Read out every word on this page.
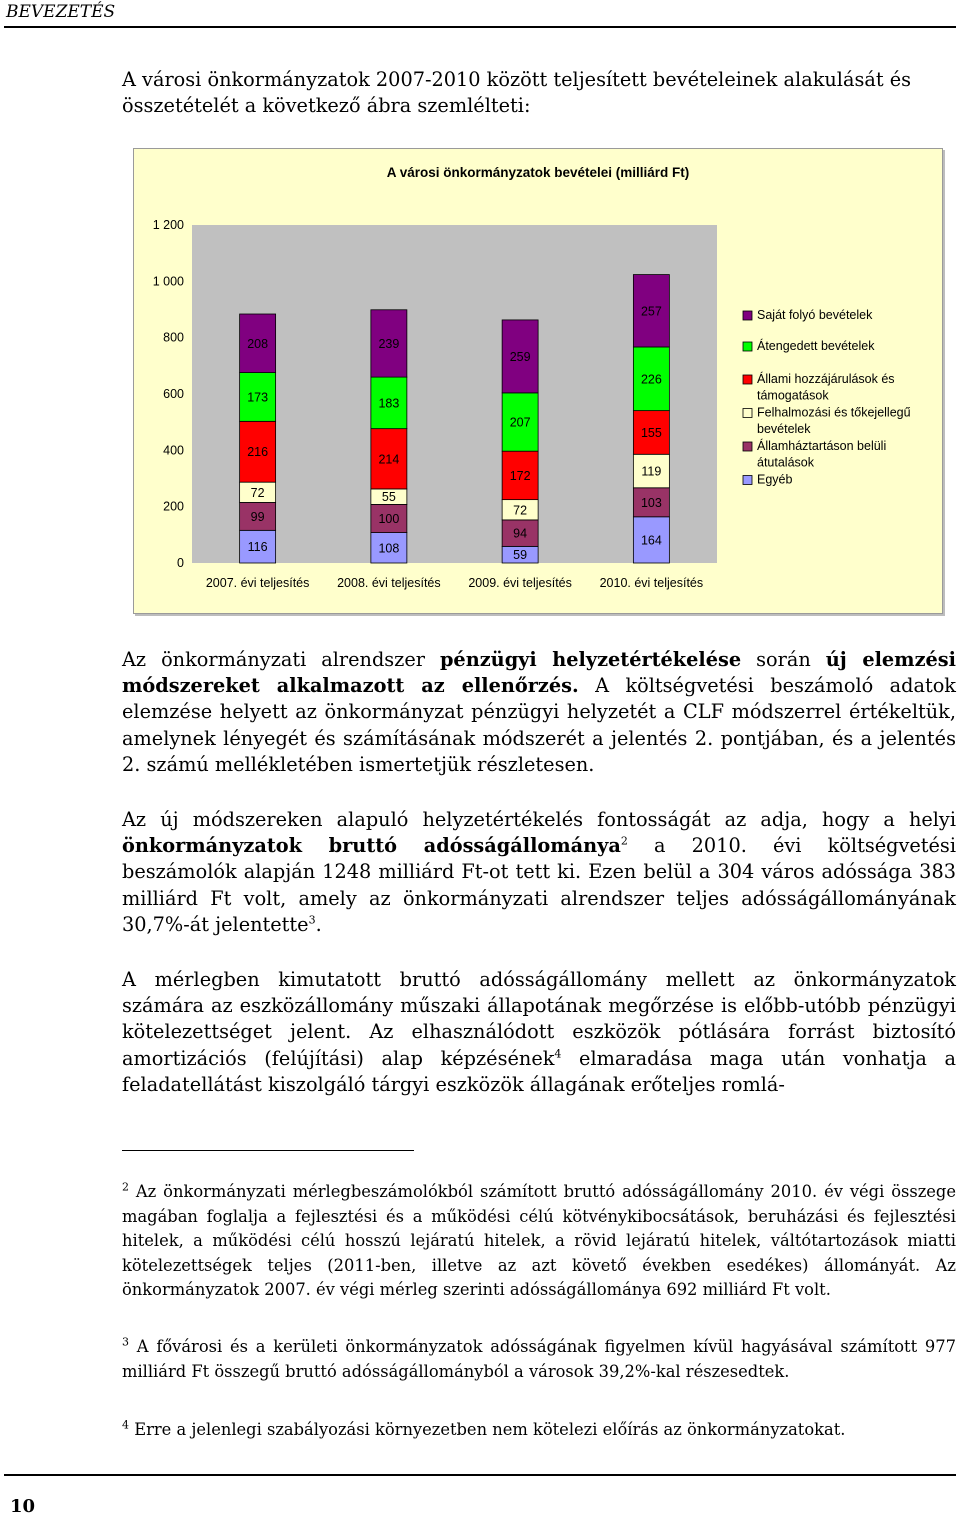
BEVEZETÉS

A városi önkormányzatok 2007-2010 között teljesített bevételeinek alakulását és összetételét a következő ábra szemlélteti:

A városi önkormányzatok bevételei (milliárd Ft)
0
200
400
600
800
1 000
1 200
116
99
72
216
173
208
2007. évi teljesítés
108
100
55
214
183
239
2008. évi teljesítés
59
94
72
172
207
259
2009. évi teljesítés
164
103
119
155
226
257
2010. évi teljesítés
Saját folyó bevételek
Átengedett bevételek
Állami hozzájárulások és
támogatások
Felhalmozási és tőkejellegű
bevételek
Államháztartáson belüli
átutalások
Egyéb

Az önkormányzati alrendszer pénzügyi helyzetértékelése során új elemzési módszereket alkalmazott az ellenőrzés. A költségvetési beszámoló adatok elemzése helyett az önkormányzat pénzügyi helyzetét a CLF módszerrel értékeltük, amelynek lényegét és számításának módszerét a jelentés 2. pontjában, és a jelentés 2. számú mellékletében ismertetjük részletesen.

Az új módszereken alapuló helyzetértékelés fontosságát az adja, hogy a helyi önkormányzatok bruttó adósságállománya$^2$ a 2010. évi költségvetési beszámolók alapján 1248 milliárd Ft-ot tett ki. Ezen belül a 304 város adóssága 383 milliárd Ft volt, amely az önkormányzati alrendszer teljes adósságállományának 30,7%-át jelentette$^3$.

A mérlegben kimutatott bruttó adósságállomány mellett az önkormányzatok számára az eszközállomány műszaki állapotának megőrzése is előbb-utóbb pénzügyi kötelezettséget jelent. Az elhasználódott eszközök pótlására forrást biztosító amortizációs (felújítási) alap képzésének$^4$ elmaradása maga után vonhatja a feladatellátást kiszolgáló tárgyi eszközök állagának erőteljes romlá-

$^2$ Az önkormányzati mérlegbeszámolókból számított bruttó adósságállomány 2010. év végi összege magában foglalja a fejlesztési és a működési célú kötvénykibocsátások, beruházási és fejlesztési hitelek, a működési célú hosszú lejáratú hitelek, a rövid lejáratú hitelek, váltótartozások miatti kötelezettségek teljes (2011-ben, illetve az azt követő években esedékes) állományát. Az önkormányzatok 2007. év végi mérleg szerinti adósságállománya 692 milliárd Ft volt.

$^3$ A fővárosi és a kerületi önkormányzatok adósságának figyelmen kívül hagyásával számított 977 milliárd Ft összegű bruttó adósságállományból a városok 39,2%-kal részesedtek.

$^4$ Erre a jelenlegi szabályozási környezetben nem kötelezi előírás az önkormányzatokat.

10
